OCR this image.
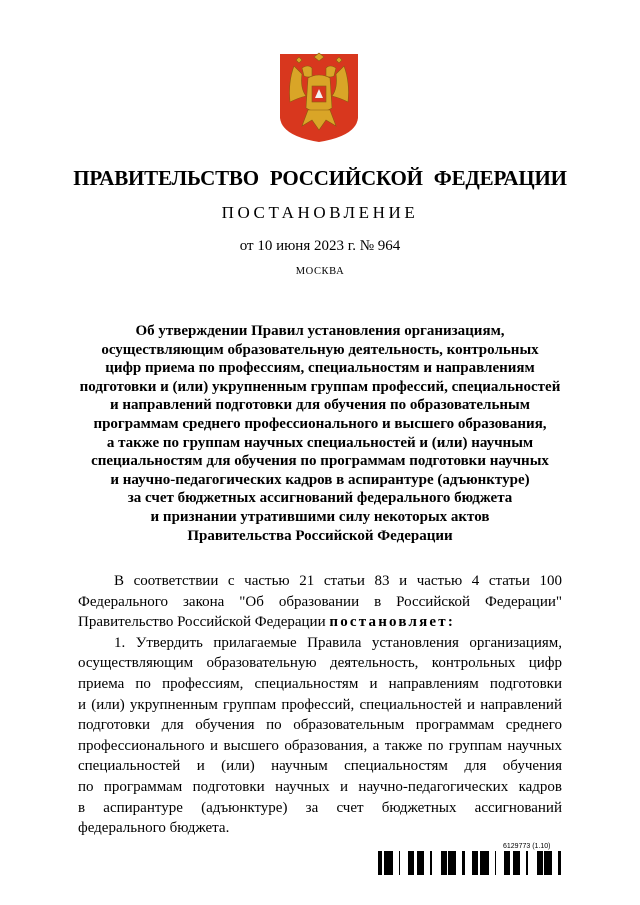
ПРАВИТЕЛЬСТВО РОССИЙСКОЙ ФЕДЕРАЦИИ
ПОСТАНОВЛЕНИЕ
от 10 июня 2023 г. № 964
МОСКВА
Об утверждении Правил установления организациям,
осуществляющим образовательную деятельность, контрольных
цифр приема по профессиям, специальностям и направлениям
подготовки и (или) укрупненным группам профессий, специальностей
и направлений подготовки для обучения по образовательным
программам среднего профессионального и высшего образования,
а также по группам научных специальностей и (или) научным
специальностям для обучения по программам подготовки научных
и научно-педагогических кадров в аспирантуре (адъюнктуре)
за счет бюджетных ассигнований федерального бюджета
и признании утратившими силу некоторых актов
Правительства Российской Федерации

В соответствии с частью 21 статьи 83 и частью 4 статьи 100

Федерального закона "Об образовании в Российской Федерации"

Правительство Российской Федерации постановляет:

1. Утвердить прилагаемые Правила установления организациям,

осуществляющим образовательную деятельность, контрольных цифр

приема по профессиям, специальностям и направлениям подготовки

и (или) укрупненным группам профессий, специальностей и направлений

подготовки для обучения по образовательным программам среднего

профессионального и высшего образования, а также по группам научных

специальностей и (или) научным специальностям для обучения

по программам подготовки научных и научно-педагогических кадров

в аспирантуре (адъюнктуре) за счет бюджетных ассигнований

федерального бюджета.

6129773 (1.10)
